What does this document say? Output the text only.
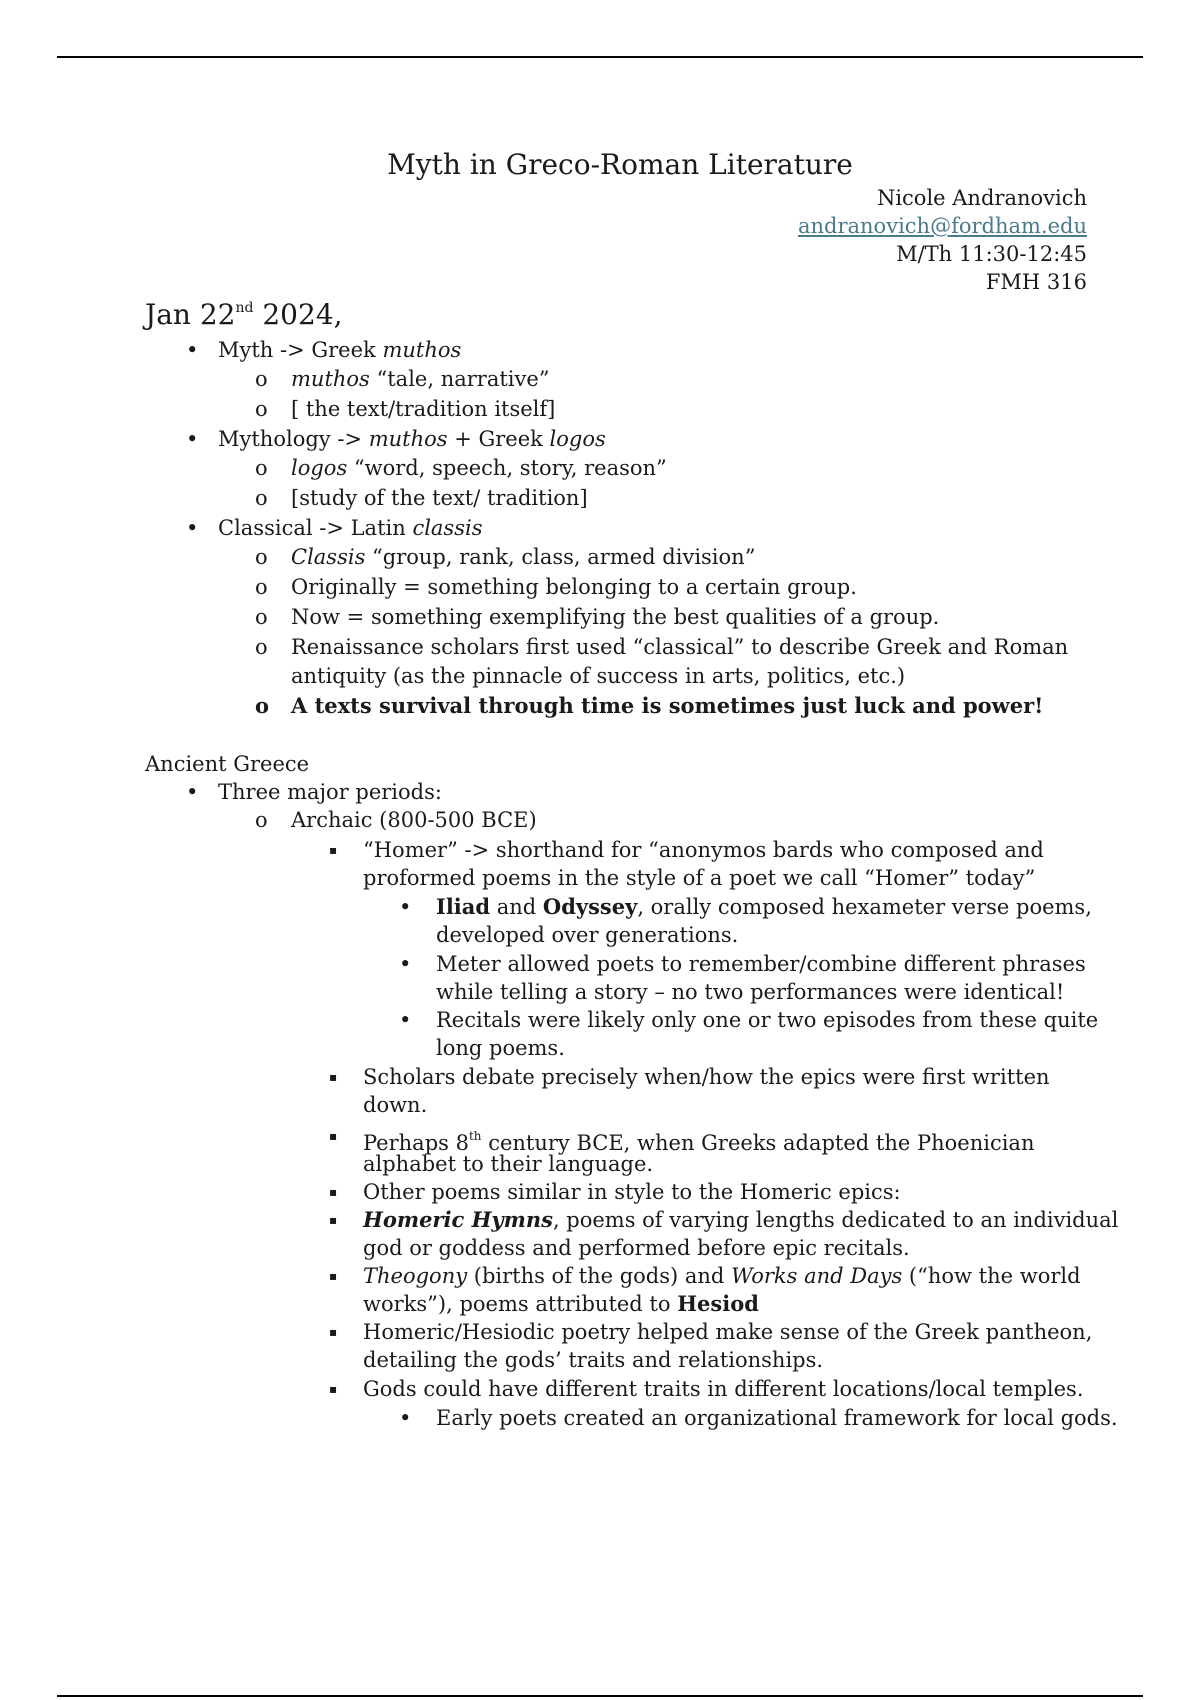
Myth in Greco-Roman Literature
Nicole Andranovich
andranovich@fordham.edu
M/Th 11:30-12:45
FMH 316
Jan 22nd 2024,
• Myth -> Greek muthos
o muthos “tale, narrative”
o [ the text/tradition itself]
• Mythology -> muthos + Greek logos
o logos “word, speech, story, reason”
o [study of the text/ tradition]
• Classical -> Latin classis
o Classis “group, rank, class, armed division”
o Originally = something belonging to a certain group.
o Now = something exemplifying the best qualities of a group.
o Renaissance scholars first used “classical” to describe Greek and Roman
antiquity (as the pinnacle of success in arts, politics, etc.)
o A texts survival through time is sometimes just luck and power!
Ancient Greece
• Three major periods:
o Archaic (800-500 BCE)
▪ “Homer” -> shorthand for “anonymos bards who composed and
proformed poems in the style of a poet we call “Homer” today”
• Iliad and Odyssey, orally composed hexameter verse poems,
developed over generations.
• Meter allowed poets to remember/combine different phrases
while telling a story – no two performances were identical!
• Recitals were likely only one or two episodes from these quite
long poems.
▪ Scholars debate precisely when/how the epics were first written
down.
▪ Perhaps 8th century BCE, when Greeks adapted the Phoenician
alphabet to their language.
▪ Other poems similar in style to the Homeric epics:
▪ Homeric Hymns, poems of varying lengths dedicated to an individual
god or goddess and performed before epic recitals.
▪ Theogony (births of the gods) and Works and Days (“how the world
works”), poems attributed to Hesiod
▪ Homeric/Hesiodic poetry helped make sense of the Greek pantheon,
detailing the gods’ traits and relationships.
▪ Gods could have different traits in different locations/local temples.
• Early poets created an organizational framework for local gods.
